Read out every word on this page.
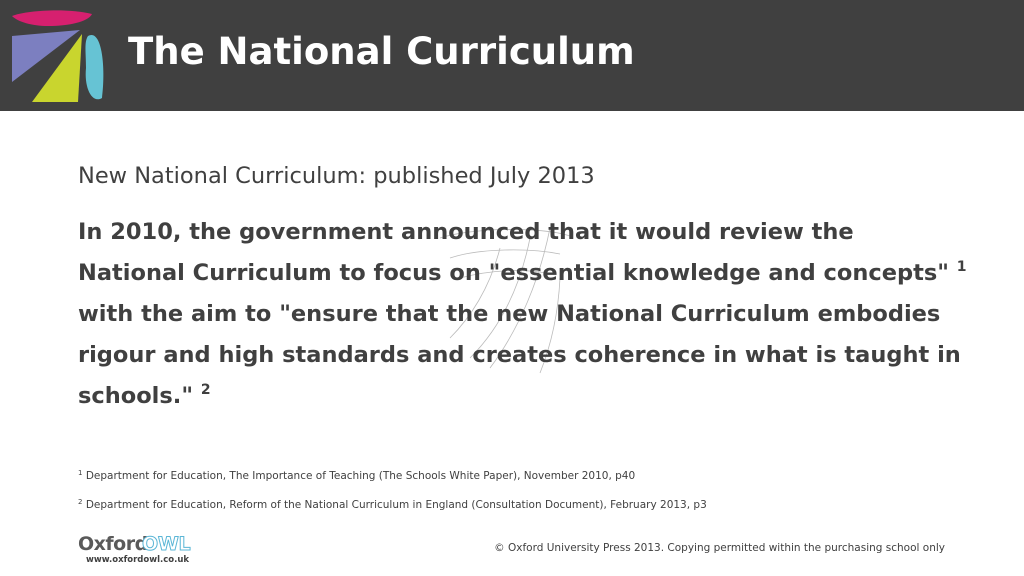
The National Curriculum
New National Curriculum: published July 2013
In 2010, the government announced that it would review the National Curriculum to focus on "essential knowledge and concepts" $^1$ with the aim to "ensure that the new National Curriculum embodies rigour and high standards and creates coherence in what is taught in schools." $^2$
$^1$ Department for Education, The Importance of Teaching (The Schools White Paper), November 2010, p40
$^2$ Department for Education, Reform of the National Curriculum in England (Consultation Document), February 2013, p3
Oxford
OWL
www.oxfordowl.co.uk
© Oxford University Press 2013. Copying permitted within the purchasing school only
